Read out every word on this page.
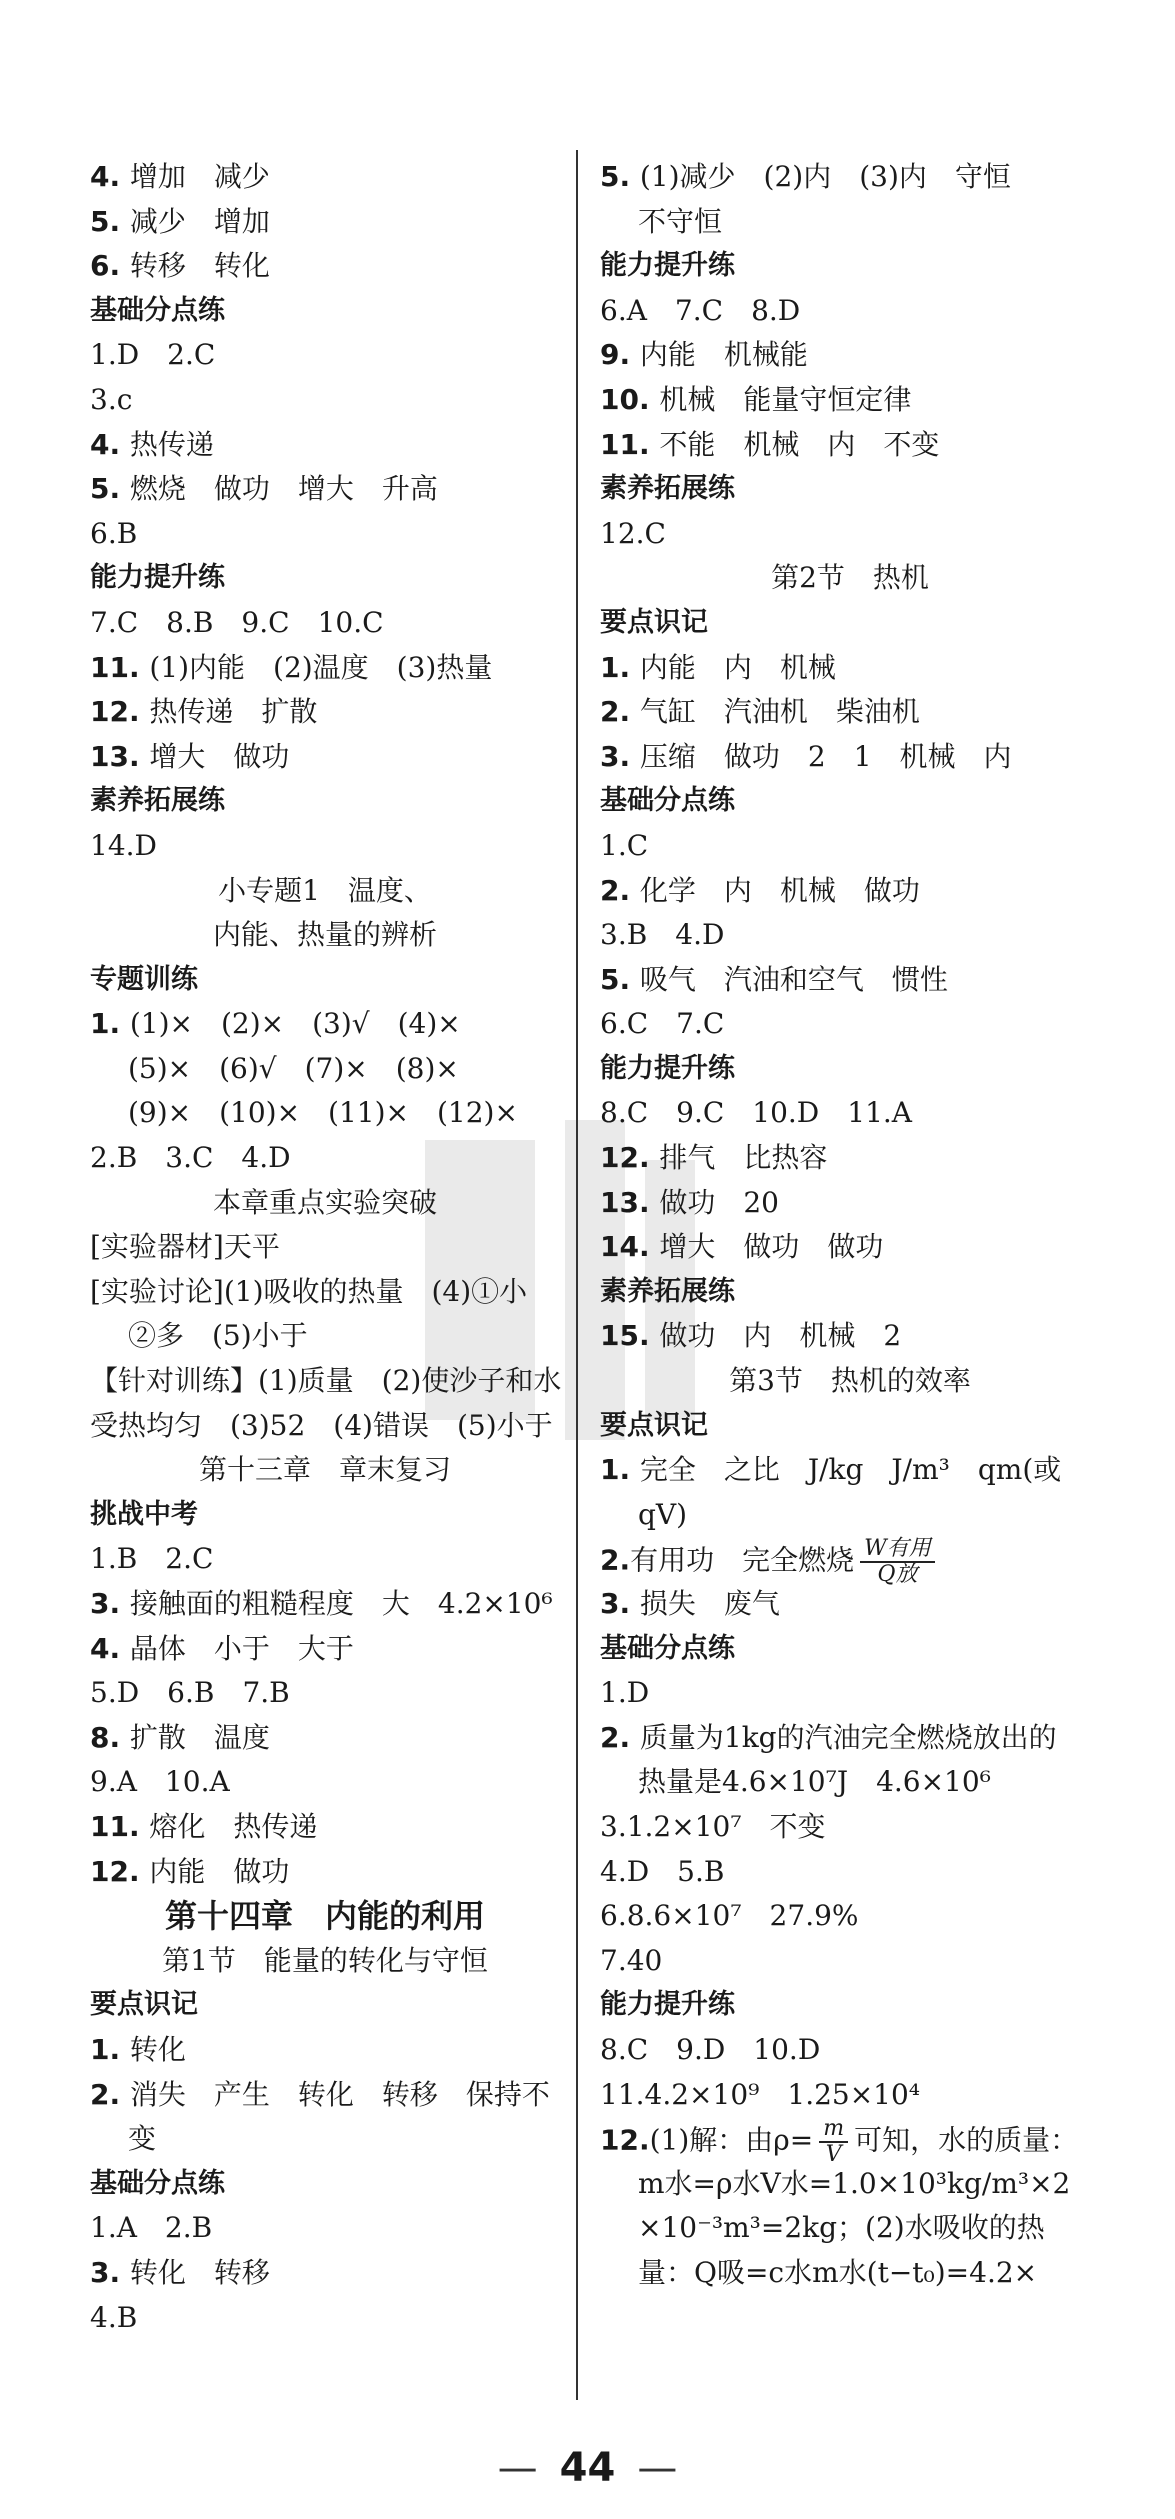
4. 增加　减少
5. 减少　增加
6. 转移　转化
基础分点练
1.D　2.C
3.c
4. 热传递
5. 燃烧　做功　增大　升高
6.B
能力提升练
7.C　8.B　9.C　10.C
11. (1)内能　(2)温度　(3)热量
12. 热传递　扩散
13. 增大　做功
素养拓展练
14.D
小专题1　温度、
内能、热量的辨析
专题训练
1. (1)×　(2)×　(3)√　(4)×
(5)×　(6)√　(7)×　(8)×
(9)×　(10)×　(11)×　(12)×
2.B　3.C　4.D
本章重点实验突破
[实验器材]天平
[实验讨论](1)吸收的热量　(4)①小
②多　(5)小于
【针对训练】(1)质量　(2)使沙子和水
受热均匀　(3)52　(4)错误　(5)小于
第十三章　章末复习
挑战中考
1.B　2.C
3. 接触面的粗糙程度　大　4.2×10⁶
4. 晶体　小于　大于
5.D　6.B　7.B
8. 扩散　温度
9.A　10.A
11. 熔化　热传递
12. 内能　做功
第十四章　内能的利用
第1节　能量的转化与守恒
要点识记
1. 转化
2. 消失　产生　转化　转移　保持不
变
基础分点练
1.A　2.B
3. 转化　转移
4.B
5. (1)减少　(2)内　(3)内　守恒
不守恒
能力提升练
6.A　7.C　8.D
9. 内能　机械能
10. 机械　能量守恒定律
11. 不能　机械　内　不变
素养拓展练
12.C
第2节　热机
要点识记
1. 内能　内　机械
2. 气缸　汽油机　柴油机
3. 压缩　做功　2　1　机械　内
基础分点练
1.C
2. 化学　内　机械　做功
3.B　4.D
5. 吸气　汽油和空气　惯性
6.C　7.C
能力提升练
8.C　9.C　10.D　11.A
12. 排气　比热容
13. 做功　20
14. 增大　做功　做功
素养拓展练
15. 做功　内　机械　2
第3节　热机的效率
要点识记
1. 完全　之比　J/kg　J/m³　qm(或
qV)
2.有用功　完全燃烧 $\frac{\text{W有用}}{\text{Q放}}$
3. 损失　废气
基础分点练
1.D
2. 质量为1kg的汽油完全燃烧放出的
热量是4.6×10⁷J　4.6×10⁶
3.1.2×10⁷　不变
4.D　5.B
6.8.6×10⁷　27.9%
7.40
能力提升练
8.C　9.D　10.D
11.4.2×10⁹　1.25×10⁴
12.(1)解：由$\rho= \frac{m}{V}$ 可知，水的质量：
m水=ρ水V水=1.0×10³kg/m³×2
×10⁻³m³=2kg；(2)水吸收的热
量：Q吸=c水m水(t−t₀)=4.2×
— 44 —
